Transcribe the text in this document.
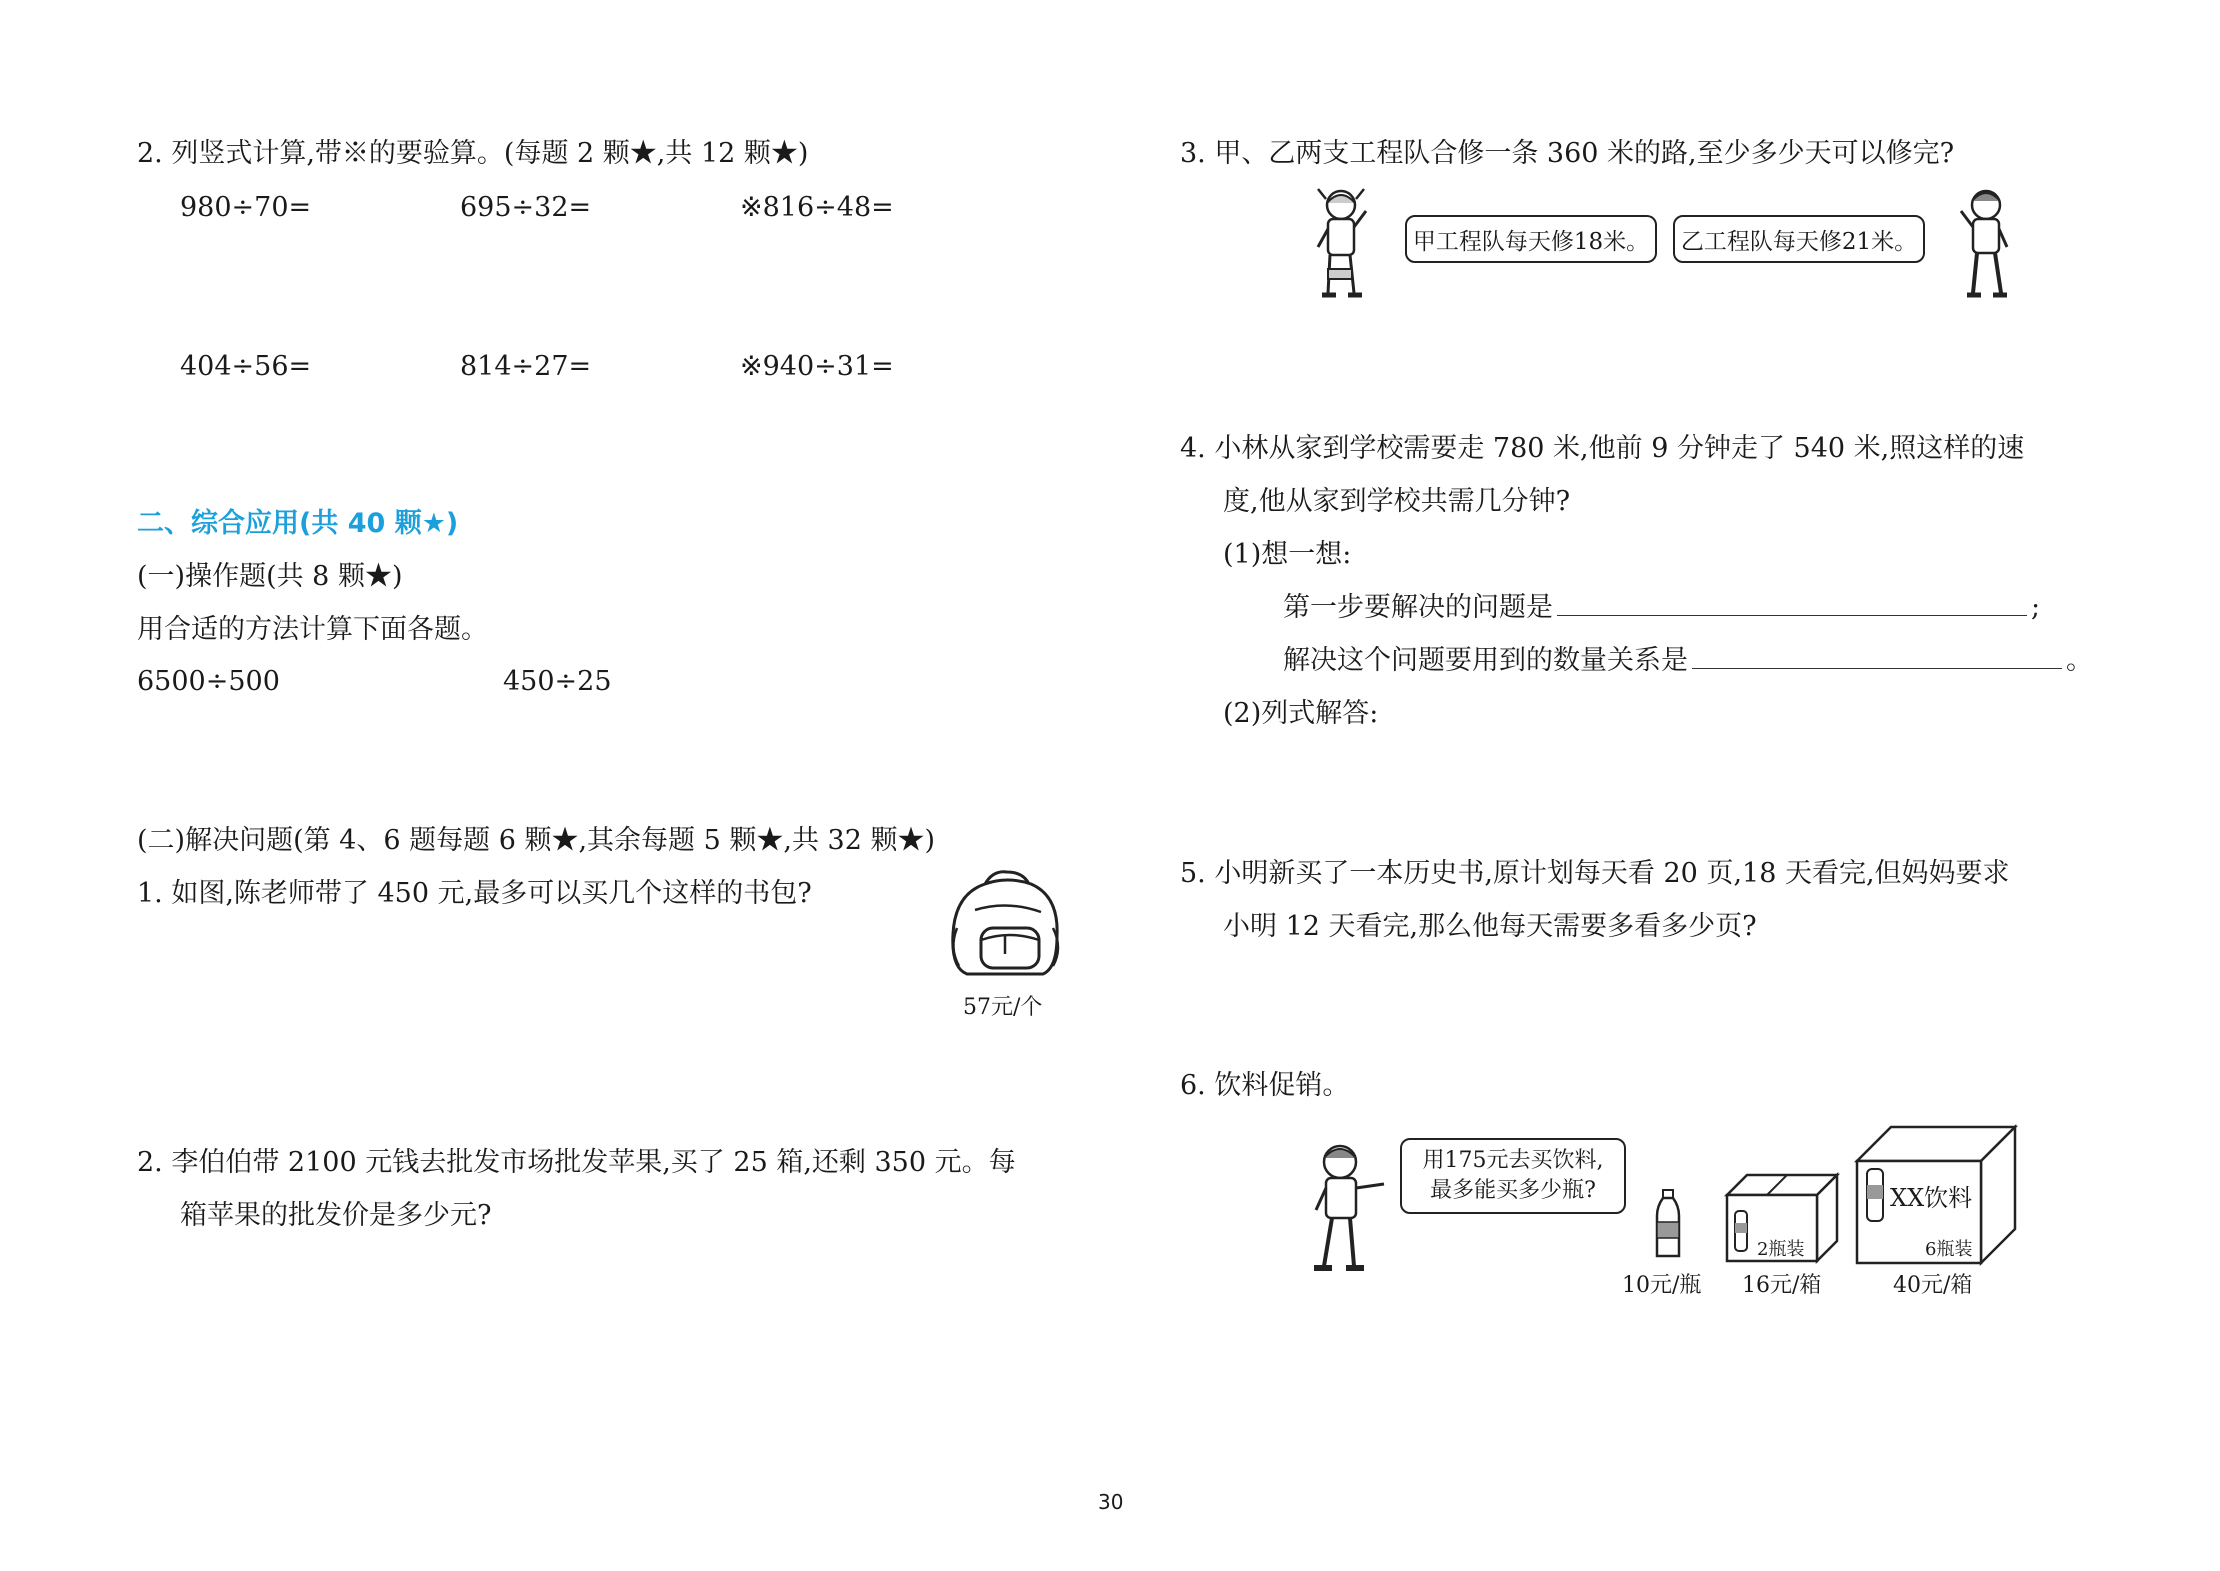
2. 列竖式计算,带※的要验算。(每题 2 颗★,共 12 颗★)
980÷70=	695÷32=	※816÷48=
404÷56=	814÷27=	※940÷31=
二、综合应用(共 40 颗★)
(一)操作题(共 8 颗★)
用合适的方法计算下面各题。
6500÷500	450÷25
(二)解决问题(第 4、6 题每题 6 颗★,其余每题 5 颗★,共 32 颗★)
1. 如图,陈老师带了 450 元,最多可以买几个这样的书包?
57元/个
2. 李伯伯带 2100 元钱去批发市场批发苹果,买了 25 箱,还剩 350 元。每
箱苹果的批发价是多少元?
3. 甲、乙两支工程队合修一条 360 米的路,至少多少天可以修完?
甲工程队每天修18米。	乙工程队每天修21米。
4. 小林从家到学校需要走 780 米,他前 9 分钟走了 540 米,照这样的速
度,他从家到学校共需几分钟?
(1)想一想:
第一步要解决的问题是	;
解决这个问题要用到的数量关系是	。
(2)列式解答:
5. 小明新买了一本历史书,原计划每天看 20 页,18 天看完,但妈妈要求
小明 12 天看完,那么他每天需要多看多少页?
6. 饮料促销。
用175元去买饮料,
最多能买多少瓶?
2瓶装
XX饮料
6瓶装
10元/瓶 16元/箱	40元/箱
30
